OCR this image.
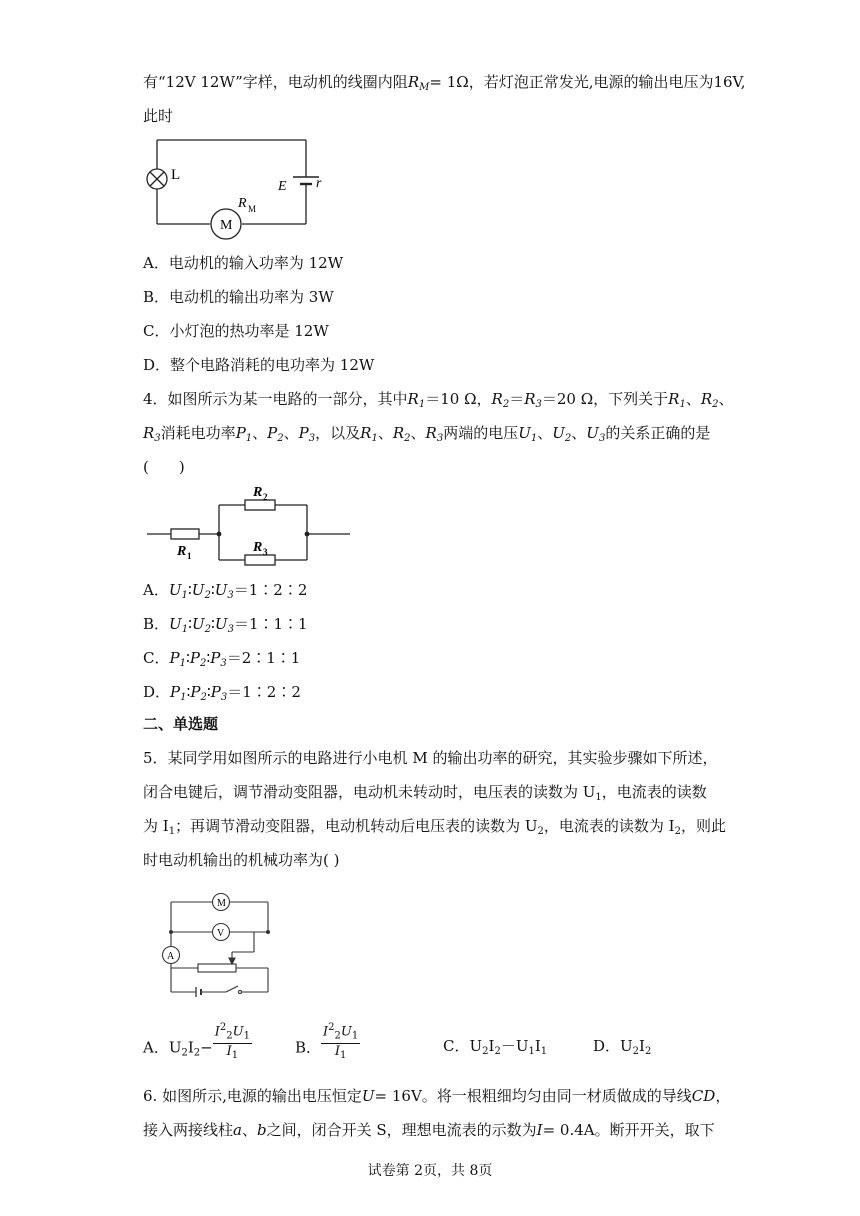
有“12V 12W”字样，电动机的线圈内阻$R_M= 1\Omega$，若灯泡正常发光,电源的输出电压为16V,
此时
L
E r
R M
M
A．电动机的输入功率为 12W
B．电动机的输出功率为 3W
C．小灯泡的热功率是 12W
D．整个电路消耗的电功率为 12W
4．如图所示为某一电路的一部分，其中$R_1=10$ Ω，$R_2=R_3=20$ Ω，下列关于$R_1$、$R_2$、
$R_3$消耗电功率$P_1$、$P_2$、$P_3$，以及$R_1$、$R_2$、$R_3$两端的电压$U_1$、$U_2$、$U_3$的关系正确的是
(　　)
R 1
R 2
R 3
A．$U_1∶U_2∶U_3=1∶2∶2$
B．$U_1∶U_2∶U_3=1∶1∶1$
C．$P_1∶P_2∶P_3=2∶1∶1$
D．$P_1∶P_2∶P_3=1∶2∶2$
二、单选题
5．某同学用如图所示的电路进行小电机 M 的输出功率的研究，其实验步骤如下所述，
闭合电键后，调节滑动变阻器，电动机未转动时，电压表的读数为 $U_1$，电流表的读数
为 $I_1$；再调节滑动变阻器，电动机转动后电压表的读数为 $U_2$，电流表的读数为 $I_2$，则此
时电动机输出的机械功率为( )
M
V
A
A．$U_2I_2- \frac{I^2_2U_1}{I_1}$	B． $\frac{I^2_2U_1}{I_1}$	C．$U_2I_2-U_1I_1$	D．$U_2I_2$
6. 如图所示,电源的输出电压恒定U= 16V。将一根粗细均匀由同一材质做成的导线CD，
接入两接线柱a、b之间，闭合开关 S，理想电流表的示数为I= 0.4A。断开开关，取下
试卷第 2页，共 8页
